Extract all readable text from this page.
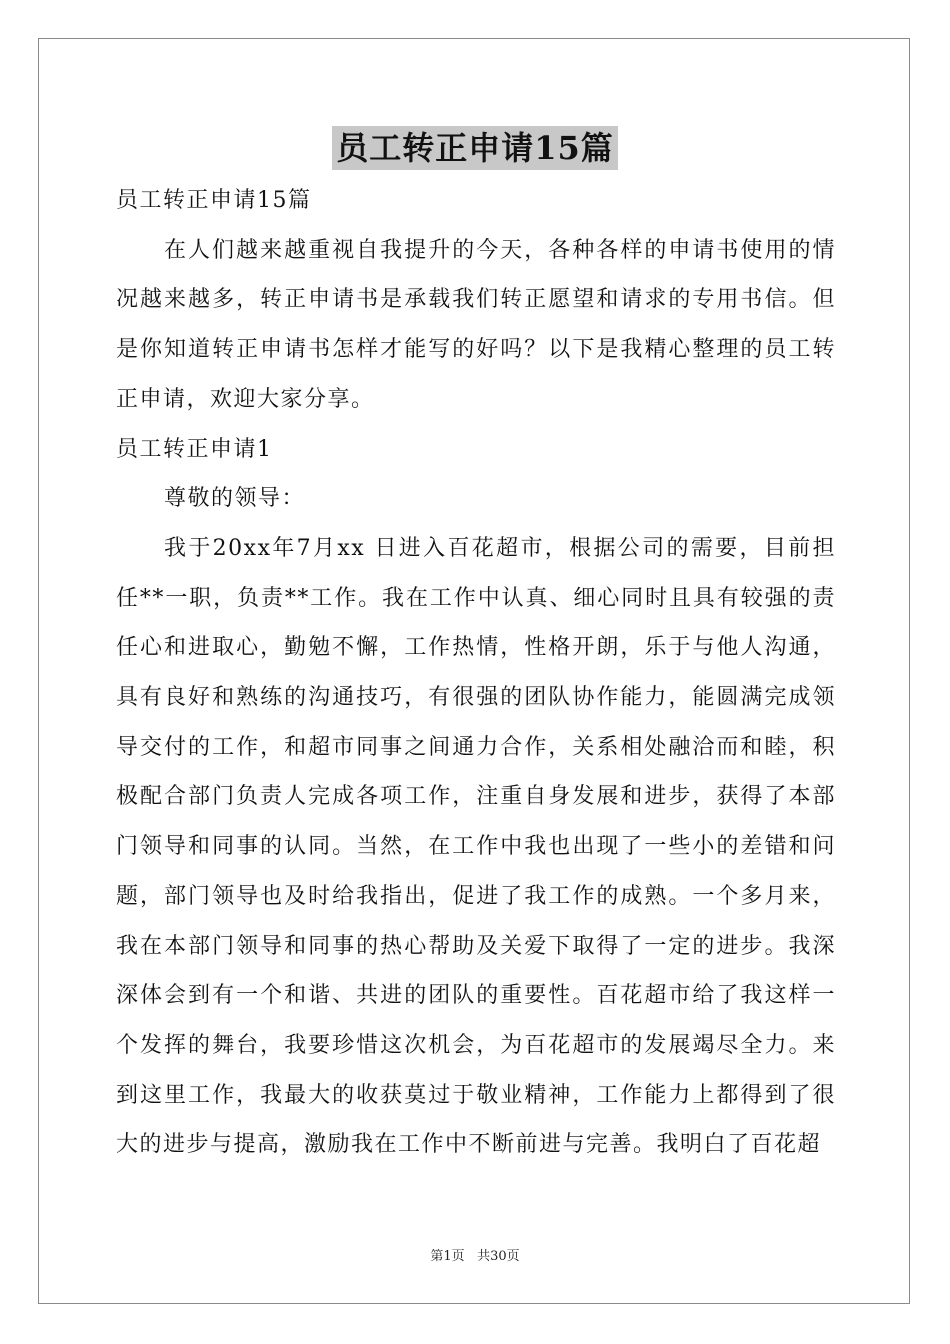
员工转正申请15篇

员工转正申请15篇

在人们越来越重视自我提升的今天，各种各样的申请书使用的情况越来越多，转正申请书是承载我们转正愿望和请求的专用书信。但是你知道转正申请书怎样才能写的好吗？以下是我精心整理的员工转正申请，欢迎大家分享。

员工转正申请1

尊敬的领导：

我于20xx年7月xx 日进入百花超市，根据公司的需要，目前担任**一职，负责**工作。我在工作中认真、细心同时且具有较强的责任心和进取心，勤勉不懈，工作热情，性格开朗，乐于与他人沟通，具有良好和熟练的沟通技巧，有很强的团队协作能力，能圆满完成领导交付的工作，和超市同事之间通力合作，关系相处融洽而和睦，积极配合部门负责人完成各项工作，注重自身发展和进步，获得了本部门领导和同事的认同。当然，在工作中我也出现了一些小的差错和问题，部门领导也及时给我指出，促进了我工作的成熟。一个多月来，我在本部门领导和同事的热心帮助及关爱下取得了一定的进步。我深深体会到有一个和谐、共进的团队的重要性。百花超市给了我这样一个发挥的舞台，我要珍惜这次机会，为百花超市的发展竭尽全力。来到这里工作，我最大的收获莫过于敬业精神，工作能力上都得到了很大的进步与提高，激励我在工作中不断前进与完善。我明白了百花超

第1页 共30页
